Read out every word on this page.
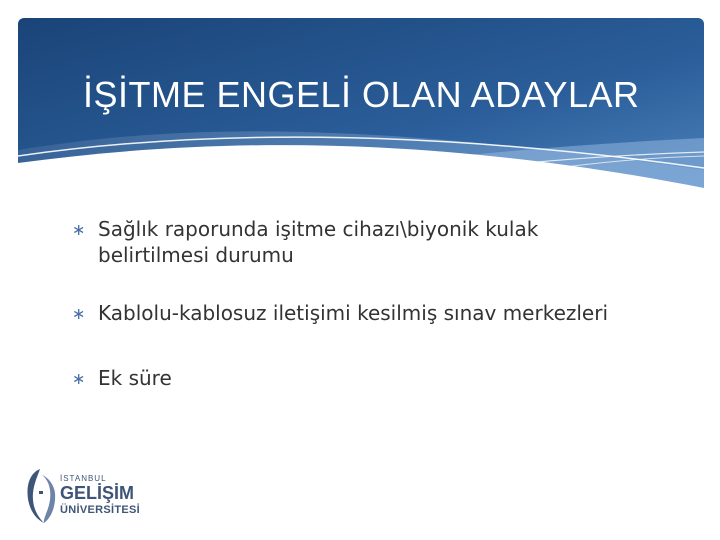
İŞİTME ENGELİ OLAN ADAYLAR
∗ Sağlık raporunda işitme cihazı\biyonik kulak belirtilmesi durumu
∗ Kablolu-kablosuz iletişimi kesilmiş sınav merkezleri
∗ Ek süre
İSTANBUL
GELİŞİM
ÜNİVERSİTESİ
